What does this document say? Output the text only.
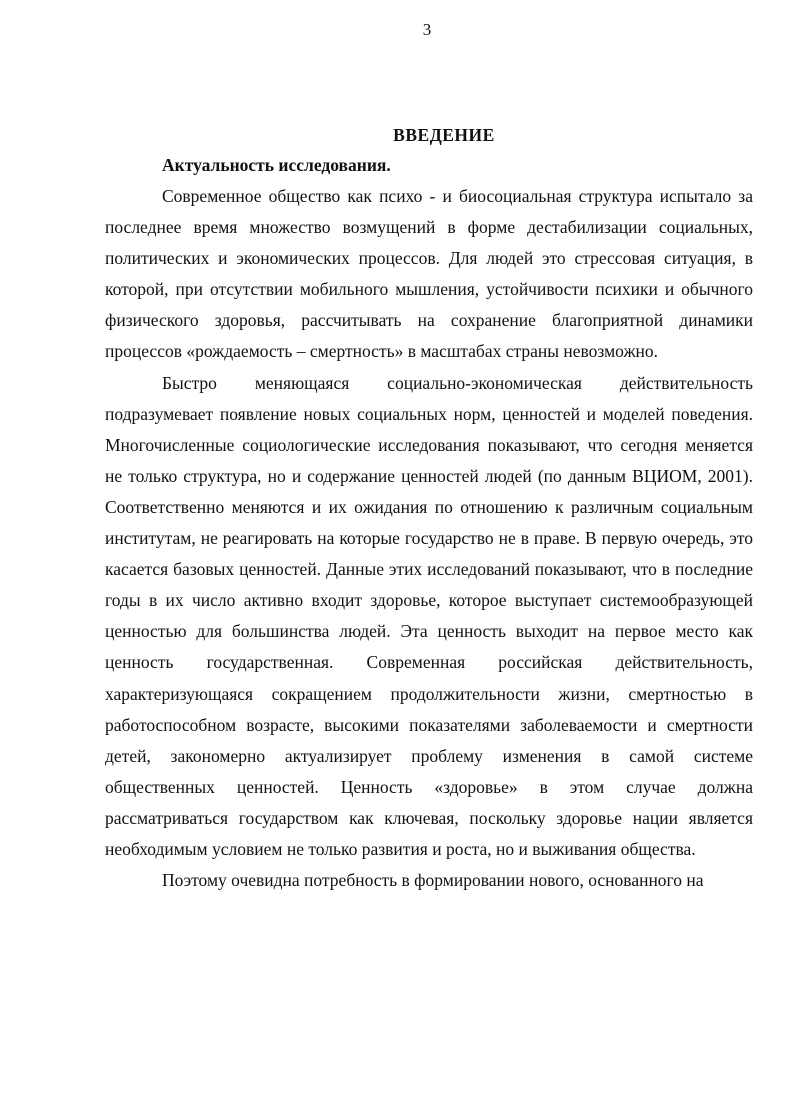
3
ВВЕДЕНИЕ

Актуальность исследования.

Современное общество как психо - и биосоциальная структура испытало за последнее время множество возмущений в форме дестабилизации социальных, политических и экономических процессов. Для людей это стрессовая ситуация, в которой, при отсутствии мобильного мышления, устойчивости психики и обычного физического здоровья, рассчитывать на сохранение благоприятной динамики процессов «рождаемость – смертность» в масштабах страны невозможно.

Быстро меняющаяся социально-экономическая действительность подразумевает появление новых социальных норм, ценностей и моделей поведения. Многочисленные социологические исследования показывают, что сегодня меняется не только структура, но и содержание ценностей людей (по данным ВЦИОМ, 2001). Соответственно меняются и их ожидания по отношению к различным социальным институтам, не реагировать на которые государство не в праве. В первую очередь, это касается базовых ценностей. Данные этих исследований показывают, что в последние годы в их число активно входит здоровье, которое выступает системообразующей ценностью для большинства людей. Эта ценность выходит на первое место как ценность государственная. Современная российская действительность, характеризующаяся сокращением продолжительности жизни, смертностью в работоспособном возрасте, высокими показателями заболеваемости и смертности детей, закономерно актуализирует проблему изменения в самой системе общественных ценностей. Ценность «здоровье» в этом случае должна рассматриваться государством как ключевая, поскольку здоровье нации является необходимым условием не только развития и роста, но и выживания общества.

Поэтому очевидна потребность в формировании нового, основанного на
